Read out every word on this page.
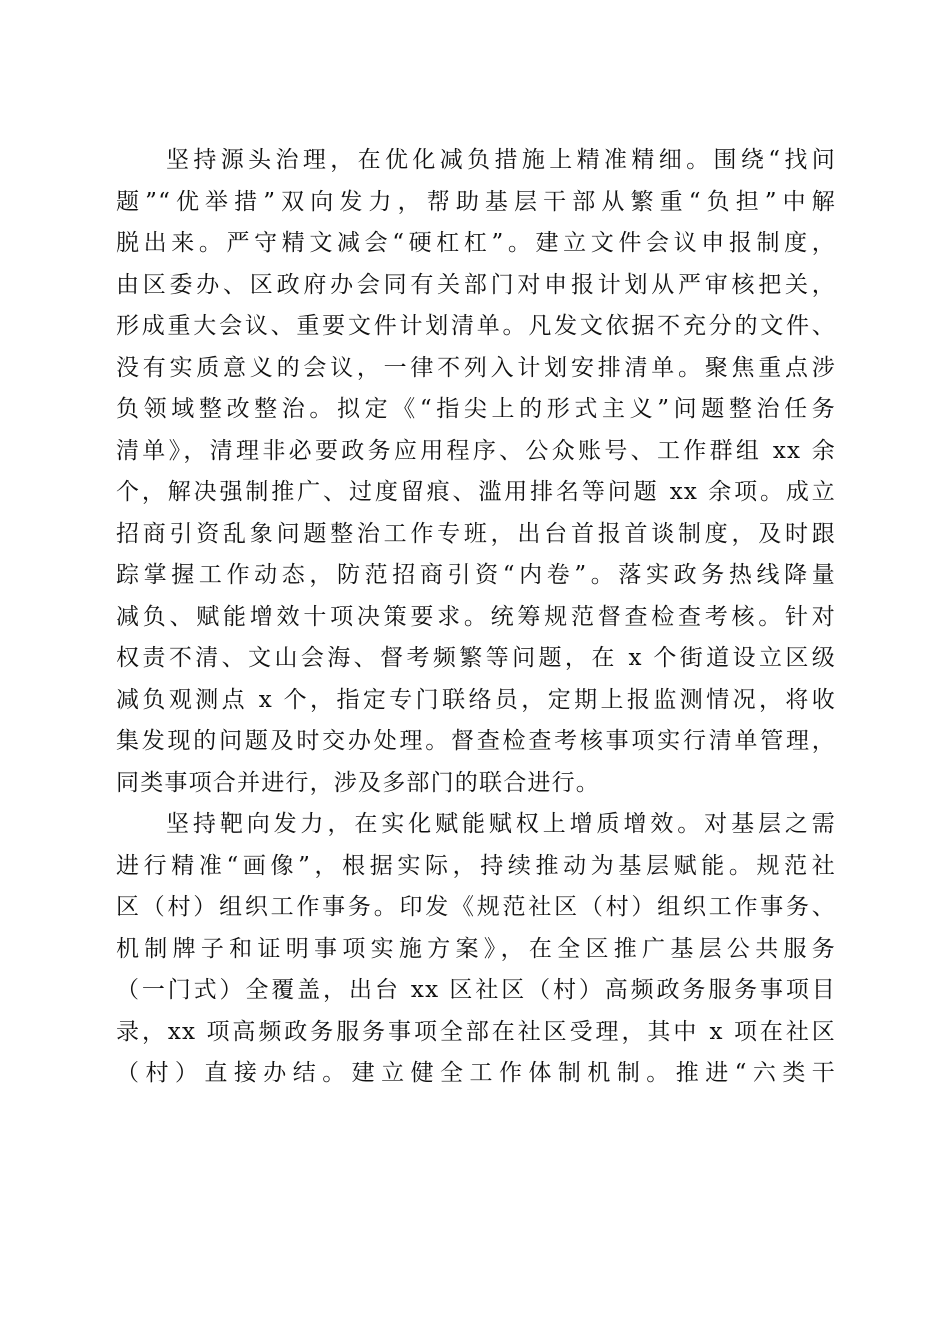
坚持源头治理，在优化减负措施上精准精细。围绕“找问
题”“优举措”双向发力，帮助基层干部从繁重“负担”中解
脱出来。严守精文减会“硬杠杠”。建立文件会议申报制度，
由区委办、区政府办会同有关部门对申报计划从严审核把关，
形成重大会议、重要文件计划清单。凡发文依据不充分的文件、
没有实质意义的会议，一律不列入计划安排清单。聚焦重点涉
负领域整改整治。拟定《“指尖上的形式主义”问题整治任务
清单》，清理非必要政务应用程序、公众账号、工作群组 xx 余
个，解决强制推广、过度留痕、滥用排名等问题 xx 余项。成立
招商引资乱象问题整治工作专班，出台首报首谈制度，及时跟
踪掌握工作动态，防范招商引资“内卷”。落实政务热线降量
减负、赋能增效十项决策要求。统筹规范督查检查考核。针对
权责不清、文山会海、督考频繁等问题，在 x 个街道设立区级
减负观测点 x 个，指定专门联络员，定期上报监测情况，将收
集发现的问题及时交办处理。督查检查考核事项实行清单管理，
同类事项合并进行，涉及多部门的联合进行。
坚持靶向发力，在实化赋能赋权上增质增效。对基层之需
进行精准“画像”，根据实际，持续推动为基层赋能。规范社
区（村）组织工作事务。印发《规范社区（村）组织工作事务、
机制牌子和证明事项实施方案》，在全区推广基层公共服务
（一门式）全覆盖，出台 xx 区社区（村）高频政务服务事项目
录，xx 项高频政务服务事项全部在社区受理，其中 x 项在社区
（村）直接办结。建立健全工作体制机制。推进“六类干
